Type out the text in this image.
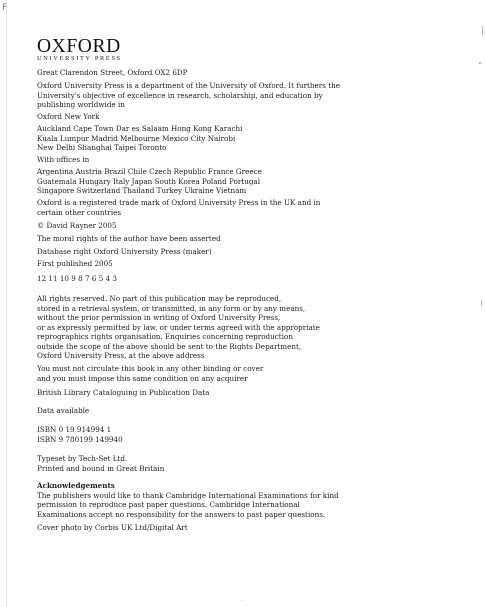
F
OXFORD
UNIVERSITY PRESS
Great Clarendon Street, Oxford OX2 6DP
Oxford University Press is a department of the University of Oxford. It furthers the
University's objective of excellence in research, scholarship, and education by
publishing worldwide in
Oxford New York
Auckland Cape Town Dar es Salaam Hong Kong Karachi
Kuala Lumpur Madrid Melbourne Mexico City Nairobi
New Delhi Shanghai Taipei Toronto
With offices in
Argentina Austria Brazil Chile Czech Republic France Greece
Guatemala Hungary Italy Japan South Korea Poland Portugal
Singapore Switzerland Thailand Turkey Ukraine Vietnam
Oxford is a registered trade mark of Oxford University Press in the UK and in
certain other countries
© David Rayner 2005
The moral rights of the author have been asserted
Database right Oxford University Press (maker)
First published 2005
12 11 10 9 8 7 6 5 4 3
All rights reserved. No part of this publication may be reproduced,
stored in a retrieval system, or transmitted, in any form or by any means,
without the prior permission in writing of Oxford University Press,
or as expressly permitted by law, or under terms agreed with the appropriate
reprographics rights organisation. Enquiries concerning reproduction
outside the scope of the above should be sent to the Rights Department,
Oxford University Press, at the above address
You must not circulate this book in any other binding or cover
and you must impose this same condition on any acquirer
British Library Cataloguing in Publication Data
Data available
ISBN 0 19 914994 1
ISBN 9 780199 149940
Typeset by Tech-Set Ltd.
Printed and bound in Great Britain
Acknowledgements
The publishers would like to thank Cambridge International Examinations for kind
permission to reproduce past paper questions. Cambridge International
Examinations accept no responsibility for the answers to past paper questions.
Cover photo by Corbis UK Ltd/Digital Art
· ·
